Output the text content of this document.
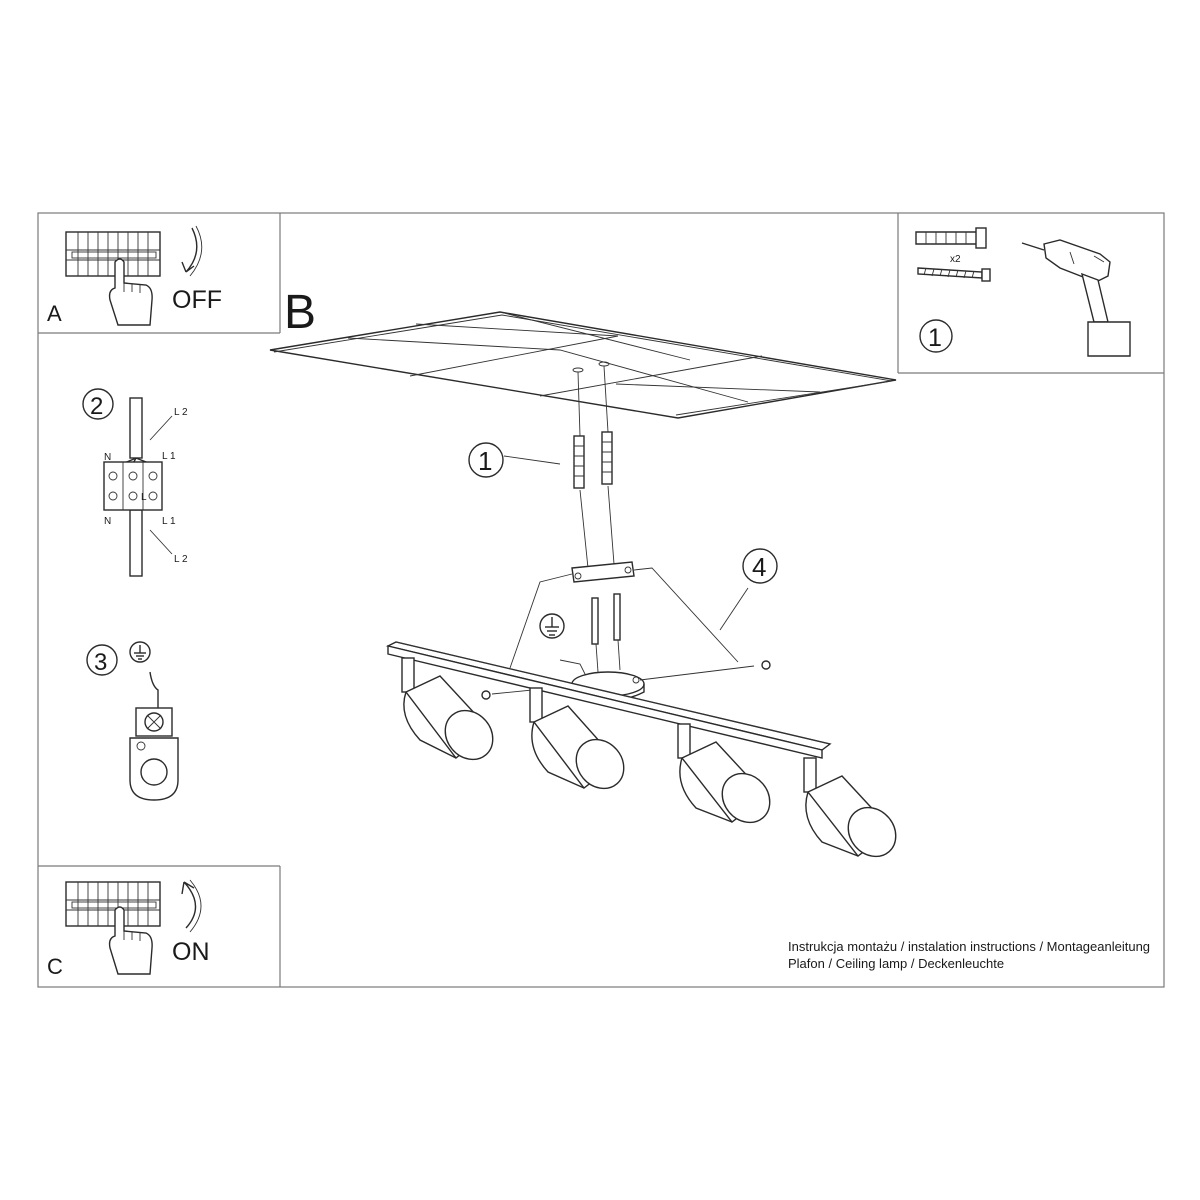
A	OFF
2	L 2
L 1
N
L
N	L 1
L 2
3
C
ON
x2
1
B
1
4
Instrukcja montażu / instalation instructions / Montageanleitung
Plafon / Ceiling lamp / Deckenleuchte
